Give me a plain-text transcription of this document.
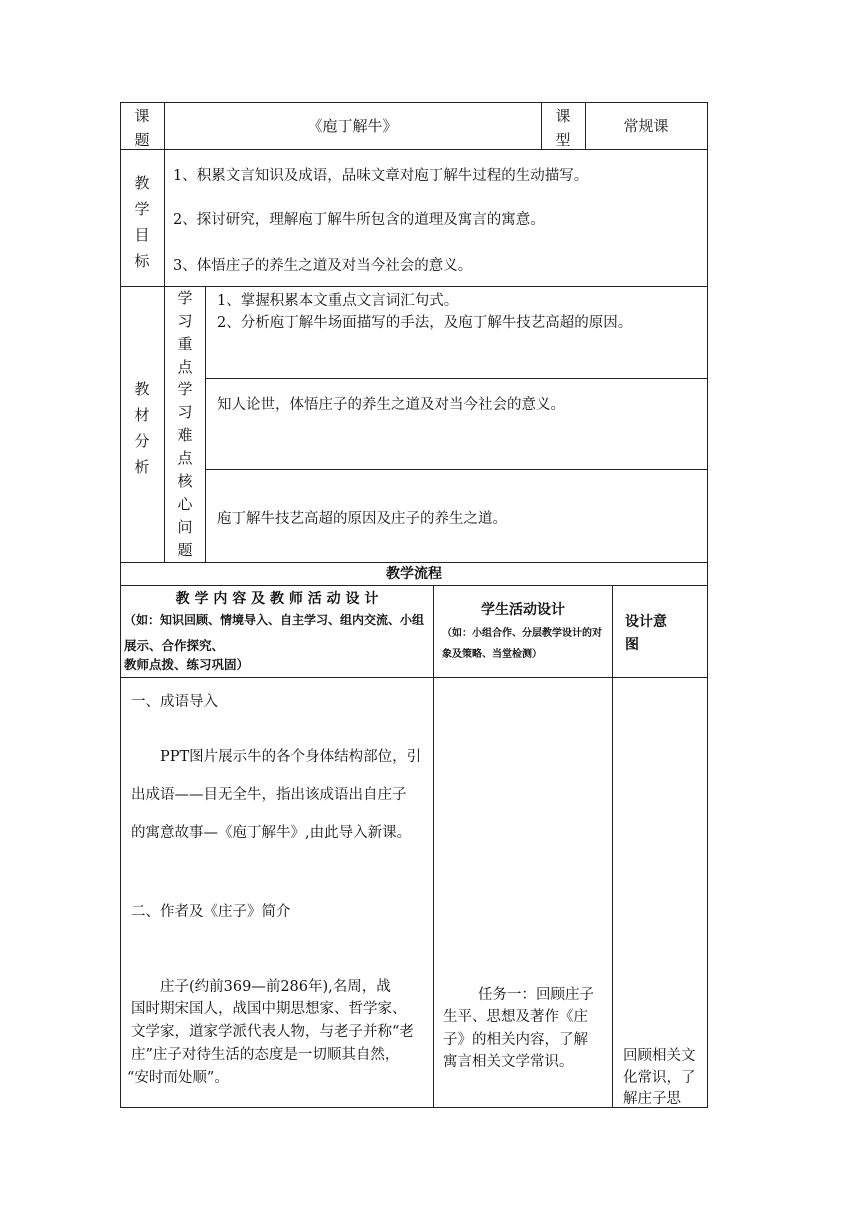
课题
《庖丁解牛》
课型
常规课
教学目标
1、积累文言知识及成语，品味文章对庖丁解牛过程的生动描写。
2、探讨研究，理解庖丁解牛所包含的道理及寓言的寓意。
3、体悟庄子的养生之道及对当今社会的意义。
教材分析
学习重点
1、掌握积累本文重点文言词汇句式。
2、分析庖丁解牛场面描写的手法，及庖丁解牛技艺高超的原因。
学习难点
知人论世，体悟庄子的养生之道及对当今社会的意义。
核心问题
庖丁解牛技艺高超的原因及庄子的养生之道。
教学流程
教 学 内 容 及 教 师 活 动 设 计
（如：知识回顾、情境导入、自主学习、组内交流、小组
展示、合作探究、
教师点拨、练习巩固）
学生活动设计
（如：小组合作、分层教学设计的对
象及策略、当堂检测）
设计意
图
一、成语导入
PPT图片展示牛的各个身体结构部位，引
出成语——目无全牛，指出该成语出自庄子
的寓意故事—《庖丁解牛》,由此导入新课。
二、作者及《庄子》简介
庄子(约前369—前286年),名周，战
国时期宋国人，战国中期思想家、哲学家、
文学家，道家学派代表人物，与老子并称“老
庄”庄子对待生活的态度是一切顺其自然，
“安时而处顺”。
任务一：回顾庄子
生平、思想及著作《庄
子》的相关内容，了解
寓言相关文学常识。	回顾相关文
化常识，了
解庄子思
